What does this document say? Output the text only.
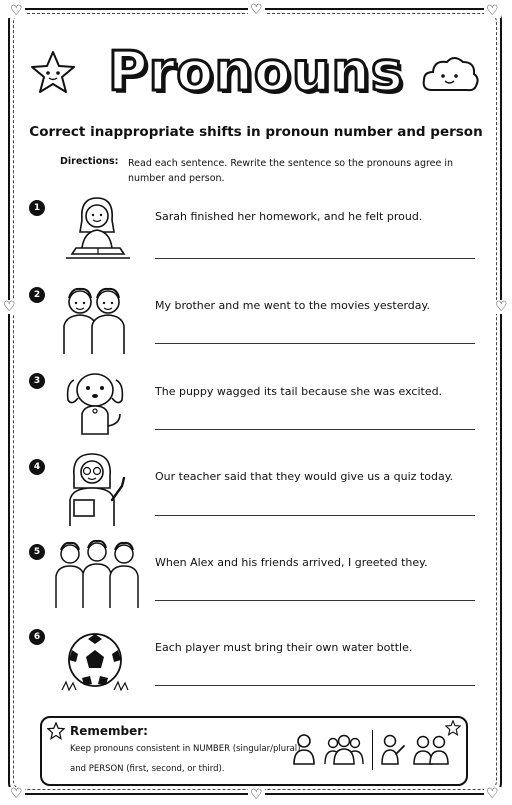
♡	♡	♡
♡	♡
♡	♡	♡
Pronouns
Correct inappropriate shifts in pronoun number and person
Directions: Read each sentence. Rewrite the sentence so the pronouns agree in number and person.
1
Sarah finished her homework, and he felt proud.
2
My brother and me went to the movies yesterday.
3
The puppy wagged its tail because she was excited.
4
Our teacher said that they would give us a quiz today.
5
When Alex and his friends arrived, I greeted they.
6
Each player must bring their own water bottle.
Remember:
Keep pronouns consistent in NUMBER (singular/plural)
and PERSON (first, second, or third).
